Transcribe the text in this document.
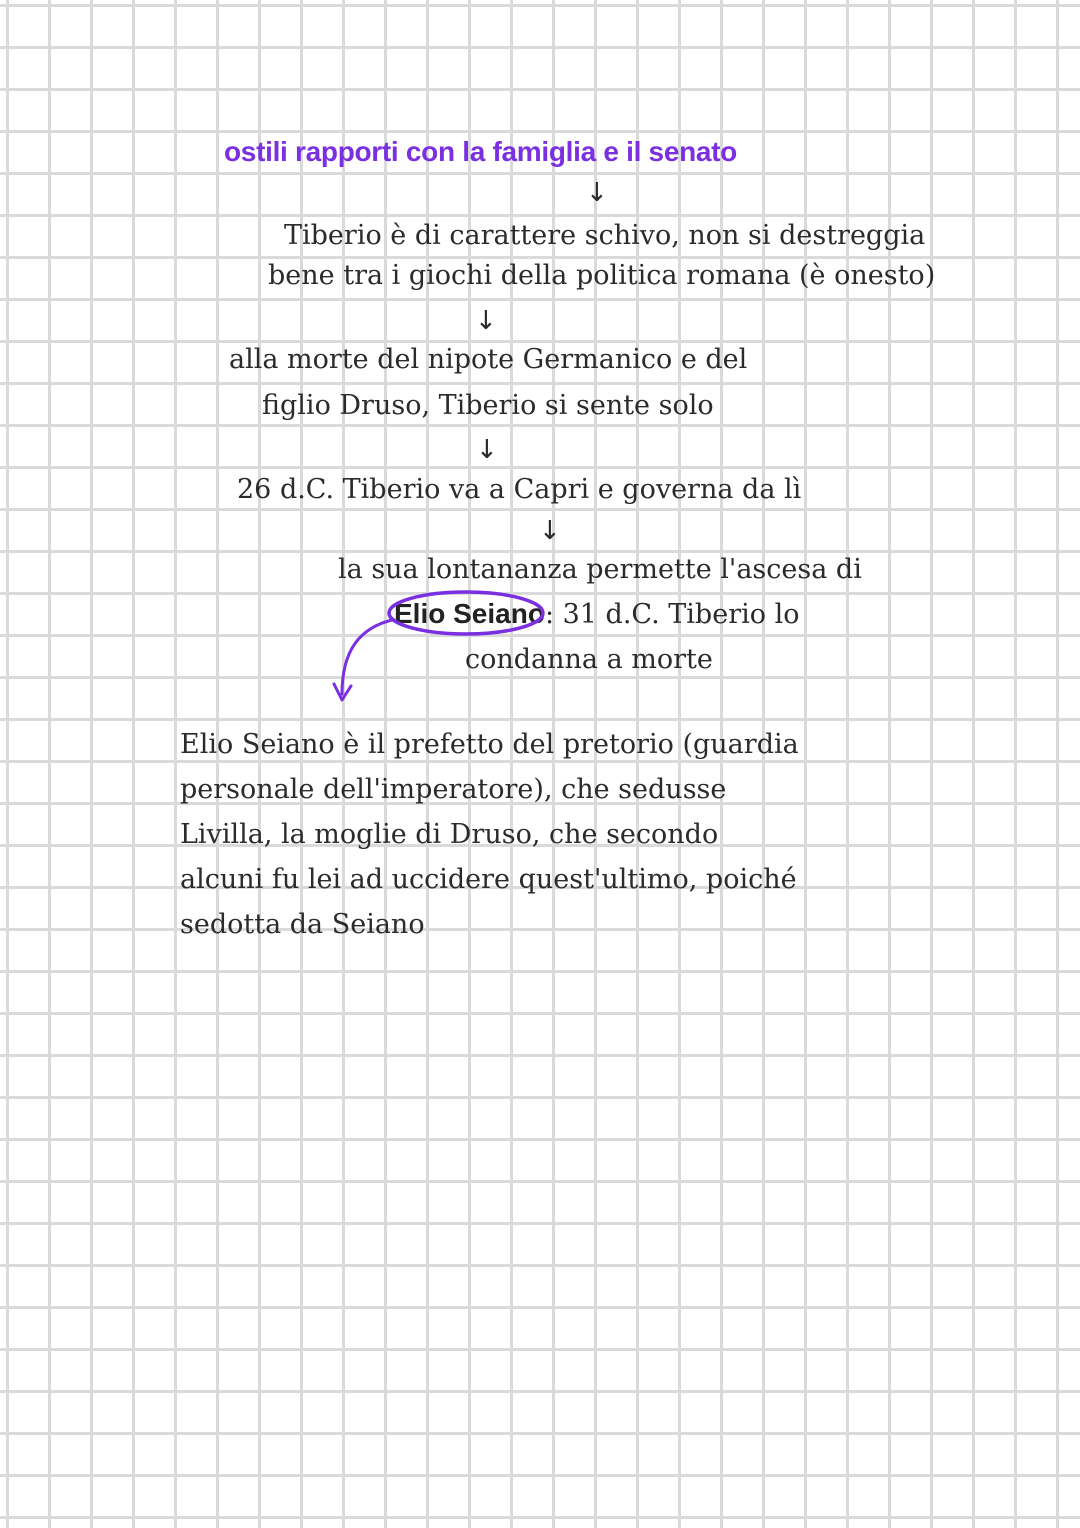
ostili rapporti con la famiglia e il senato
↓
Tiberio è di carattere schivo, non si destreggia
bene tra i giochi della politica romana (è onesto)
↓
alla morte del nipote Germanico e del
figlio Druso, Tiberio si sente solo
↓
26 d.C. Tiberio va a Capri e governa da lì
↓
la sua lontananza permette l'ascesa di
Elio Seiano: 31 d.C. Tiberio lo
condanna a morte
Elio Seiano è il prefetto del pretorio (guardia
personale dell'imperatore), che sedusse
Livilla, la moglie di Druso, che secondo
alcuni fu lei ad uccidere quest'ultimo, poiché
sedotta da Seiano
